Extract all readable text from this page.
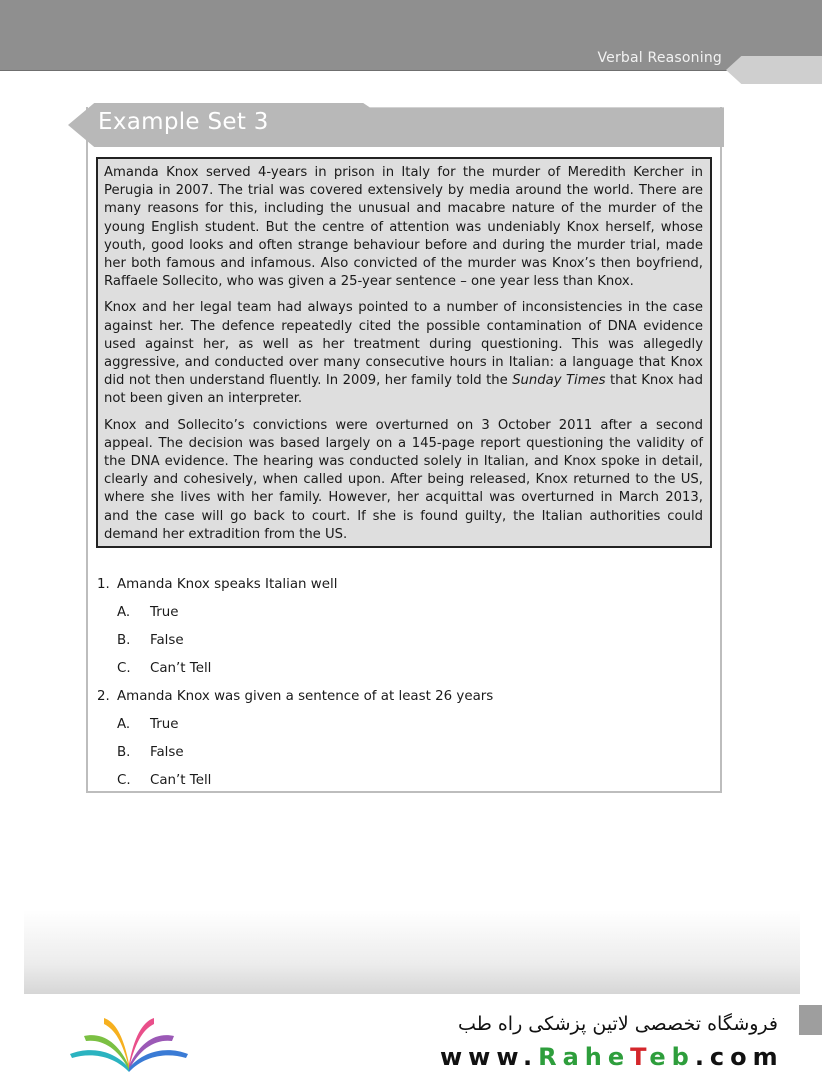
Verbal Reasoning
Example Set 3

Amanda Knox served 4-years in prison in Italy for the murder of Meredith Kercher in Perugia in 2007. The trial was covered extensively by media around the world. There are many reasons for this, including the unusual and macabre nature of the murder of the young English student. But the centre of attention was undeniably Knox herself, whose youth, good looks and often strange behaviour before and during the murder trial, made her both famous and infamous. Also convicted of the murder was Knox’s then boyfriend, Raffaele Sollecito, who was given a 25-year sentence – one year less than Knox.

Knox and her legal team had always pointed to a number of inconsistencies in the case against her. The defence repeatedly cited the possible contamination of DNA evidence used against her, as well as her treatment during questioning. This was allegedly aggressive, and conducted over many consecutive hours in Italian: a language that Knox did not then understand fluently. In 2009, her family told the Sunday Times that Knox had not been given an interpreter.

Knox and Sollecito’s convictions were overturned on 3 October 2011 after a second appeal. The decision was based largely on a 145-page report questioning the validity of the DNA evidence. The hearing was conducted solely in Italian, and Knox spoke in detail, clearly and cohesively, when called upon. After being released, Knox returned to the US, where she lives with her family. However, her acquittal was overturned in March 2013, and the case will go back to court. If she is found guilty, the Italian authorities could demand her extradition from the US.

1. Amanda Knox speaks Italian well
A.	True
B.	False
C.	Can’t Tell
2. Amanda Knox was given a sentence of at least 26 years
A.	True
B.	False
C.	Can’t Tell
فروشگاه تخصصی لاتین پزشکی راه طب
www.RaheTeb.com
